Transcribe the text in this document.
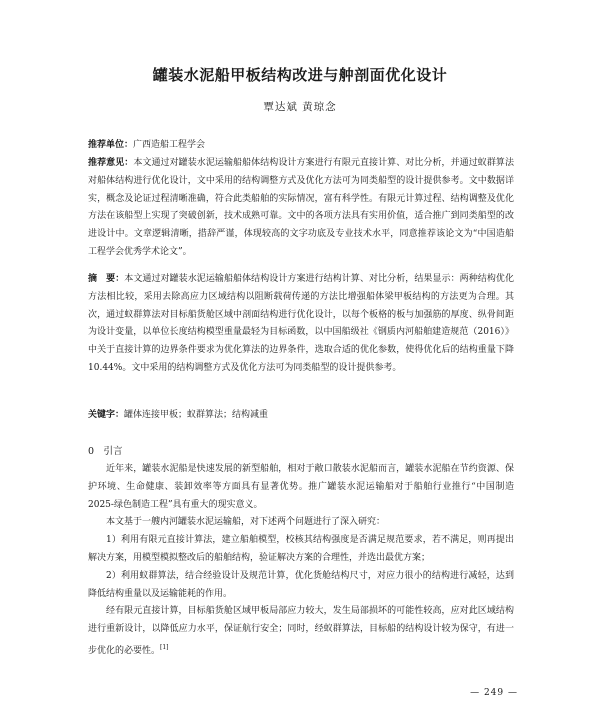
罐装水泥船甲板结构改进与舯剖面优化设计
覃达斌 黄琼念

推荐单位：广西造船工程学会

推荐意见：本文通过对罐装水泥运输船船体结构设计方案进行有限元直接计算、对比分析，并通过蚁群算法对船体结构进行优化设计，文中采用的结构调整方式及优化方法可为同类船型的设计提供参考。文中数据详实，概念及论证过程清晰准确，符合此类船舶的实际情况，富有科学性。有限元计算过程、结构调整及优化方法在该船型上实现了突破创新，技术成熟可靠。文中的各项方法具有实用价值，适合推广到同类船型的改进设计中。文章逻辑清晰，措辞严谨，体现较高的文字功底及专业技术水平，同意推荐该论文为“中国造船工程学会优秀学术论文”。

摘　要：本文通过对罐装水泥运输船船体结构设计方案进行结构计算、对比分析，结果显示：两种结构优化方法相比较，采用去除高应力区域结构以阻断载荷传递的方法比增强船体梁甲板结构的方法更为合理。其次，通过蚁群算法对目标船货舱区域中剖面结构进行优化设计，以每个板格的板与加强筋的厚度、纵骨间距为设计变量，以单位长度结构模型重量最轻为目标函数，以中国船级社《钢质内河船舶建造规范（2016）》中关于直接计算的边界条件要求为优化算法的边界条件，选取合适的优化参数，使得优化后的结构重量下降 10.44%。文中采用的结构调整方式及优化方法可为同类船型的设计提供参考。

关键字：罐体连接甲板；蚁群算法；结构减重

0　引言

近年来，罐装水泥船是快速发展的新型船舶，相对于敞口散装水泥船而言，罐装水泥船在节约资源、保护环境、生命健康、装卸效率等方面具有显著优势。推广罐装水泥运输船对于船舶行业推行“中国制造 2025-绿色制造工程”具有重大的现实意义。

本文基于一艘内河罐装水泥运输船，对下述两个问题进行了深入研究：

1）利用有限元直接计算法，建立船舶模型，校核其结构强度是否满足规范要求，若不满足，则再提出解决方案，用模型模拟整改后的船舶结构，验证解决方案的合理性，并选出最优方案；

2）利用蚁群算法，结合经验设计及规范计算，优化货舱结构尺寸，对应力很小的结构进行减轻，达到降低结构重量以及运输能耗的作用。

经有限元直接计算，目标船货舱区域甲板局部应力较大，发生局部损坏的可能性较高，应对此区域结构进行重新设计，以降低应力水平，保证航行安全；同时，经蚁群算法，目标船的结构设计较为保守，有进一步优化的必要性。[1]

— 249 —
